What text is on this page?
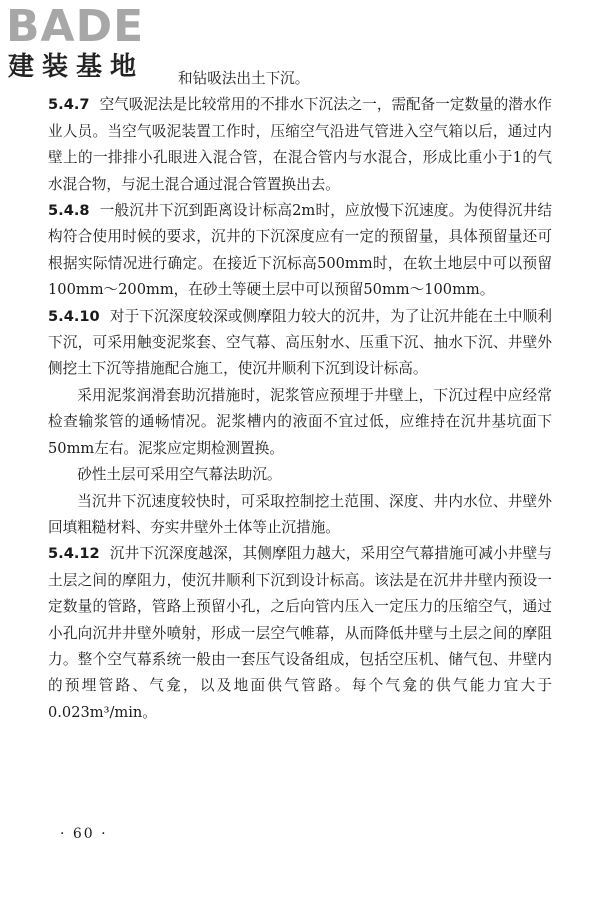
BADE
建装基地	和钻吸法出土下沉。

5.4.7 空气吸泥法是比较常用的不排水下沉法之一，需配备一定数量的潜水作业人员。当空气吸泥装置工作时，压缩空气沿进气管进入空气箱以后，通过内壁上的一排排小孔眼进入混合管，在混合管内与水混合，形成比重小于1的气水混合物，与泥土混合通过混合管置换出去。

5.4.8 一般沉井下沉到距离设计标高2m时，应放慢下沉速度。为使得沉井结构符合使用时候的要求，沉井的下沉深度应有一定的预留量，具体预留量还可根据实际情况进行确定。在接近下沉标高500mm时，在软土地层中可以预留100mm～200mm，在砂土等硬土层中可以预留50mm～100mm。

5.4.10 对于下沉深度较深或侧摩阻力较大的沉井，为了让沉井能在土中顺利下沉，可采用触变泥浆套、空气幕、高压射水、压重下沉、抽水下沉、井壁外侧挖土下沉等措施配合施工，使沉井顺利下沉到设计标高。

采用泥浆润滑套助沉措施时，泥浆管应预埋于井壁上，下沉过程中应经常检查输浆管的通畅情况。泥浆槽内的液面不宜过低，应维持在沉井基坑面下50mm左右。泥浆应定期检测置换。

砂性土层可采用空气幕法助沉。

当沉井下沉速度较快时，可采取控制挖土范围、深度、井内水位、井壁外回填粗糙材料、夯实井壁外土体等止沉措施。

5.4.12 沉井下沉深度越深，其侧摩阻力越大，采用空气幕措施可减小井壁与土层之间的摩阻力，使沉井顺利下沉到设计标高。该法是在沉井井壁内预设一定数量的管路，管路上预留小孔，之后向管内压入一定压力的压缩空气，通过小孔向沉井井壁外喷射，形成一层空气帷幕，从而降低井壁与土层之间的摩阻力。整个空气幕系统一般由一套压气设备组成，包括空压机、储气包、井壁内的预埋管路、气龛，以及地面供气管路。每个气龛的供气能力宜大于0.023m³/min。

· 60 ·
